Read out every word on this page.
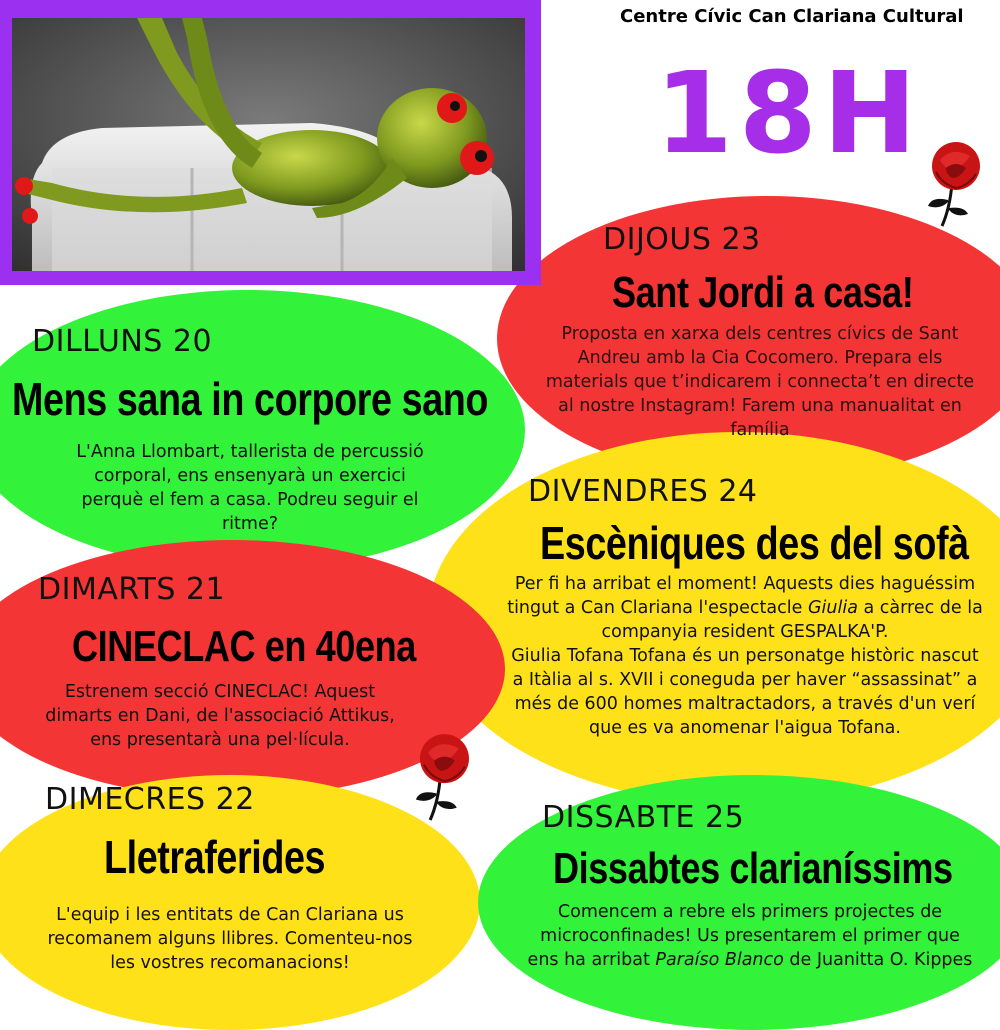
Centre Cívic Can Clariana Cultural
18H
DILLUNS 20
Mens sana in corpore sano

L'Anna Llombart, tallerista de percussió

corporal, ens ensenyarà un exercici

perquè el fem a casa. Podreu seguir el

ritme?

DIJOUS 23
Sant Jordi a casa!

Proposta en xarxa dels centres cívics de Sant

Andreu amb la Cia Cocomero. Prepara els

materials que t’indicarem i connecta’t en directe

al nostre Instagram! Farem una manualitat en

família

DIVENDRES 24
Escèniques des del sofà

Per fi ha arribat el moment! Aquests dies haguéssim

tingut a Can Clariana l'espectacle Giulia a càrrec de la

companyia resident GESPALKA'P.

Giulia Tofana Tofana és un personatge històric nascut

a Itàlia al s. XVII i coneguda per haver “assassinat” a

més de 600 homes maltractadors, a través d'un verí

que es va anomenar l'aigua Tofana.

DIMARTS 21
CINECLAC en 40ena

Estrenem secció CINECLAC! Aquest

dimarts en Dani, de l'associació Attikus,

ens presentarà una pel·lícula.

DIMECRES 22
Lletraferides

L'equip i les entitats de Can Clariana us

recomanem alguns llibres. Comenteu-nos

les vostres recomanacions!

DISSABTE 25
Dissabtes clarianíssims

Comencem a rebre els primers projectes de

microconfinades! Us presentarem el primer que

ens ha arribat Paraíso Blanco de Juanitta O. Kippes
